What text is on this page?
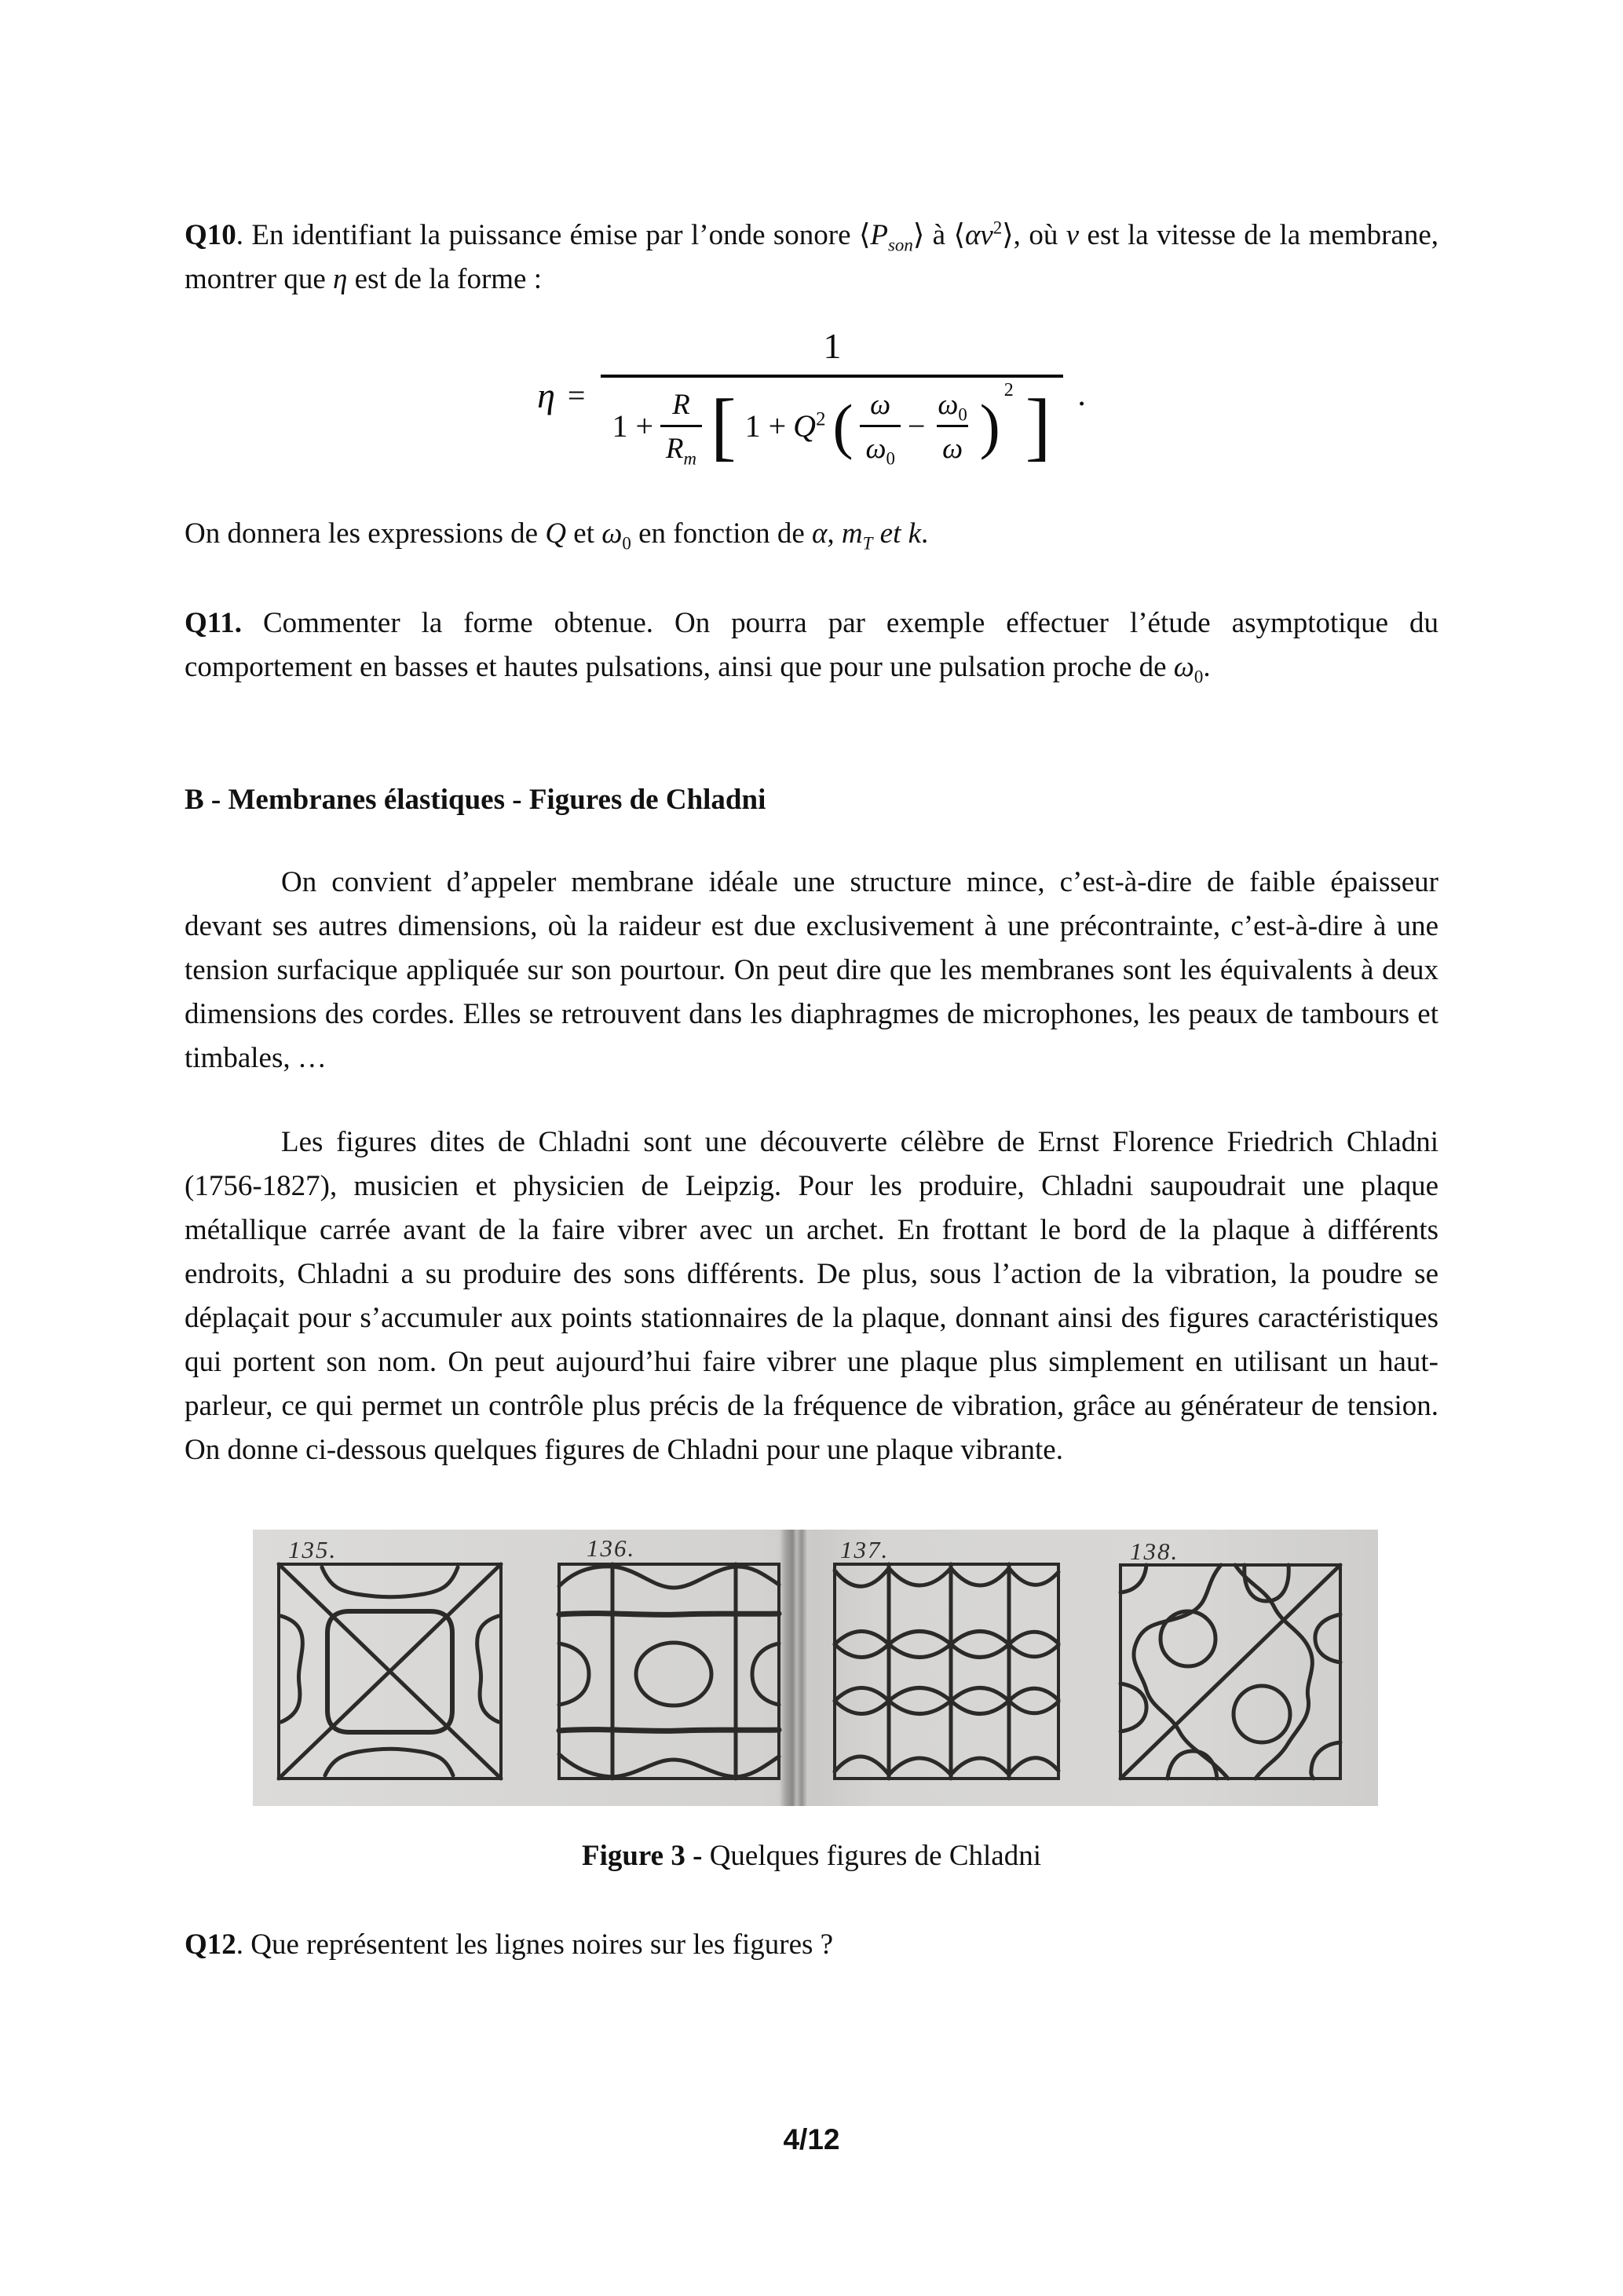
Q10. En identifiant la puissance émise par l’onde sonore $⟨P_{son}⟩$ à $⟨\alpha v^2⟩$, où v est la vitesse de la membrane, montrer que η est de la forme :

η =
1
$1 + \frac{R}{R_m}$ [ $1 + Q^2$ ( $\frac{\omega}{\omega_0} - \frac{\omega_0}{\omega}$ )
2 ] .

On donnera les expressions de Q et $\omega_0$ en fonction de α, $m_T$ et k.

Q11. Commenter la forme obtenue. On pourra par exemple effectuer l’étude asymptotique du comportement en basses et hautes pulsations, ainsi que pour une pulsation proche de $\omega_0$.

B - Membranes élastiques - Figures de Chladni

On convient d’appeler membrane idéale une structure mince, c’est-à-dire de faible épaisseur devant ses autres dimensions, où la raideur est due exclusivement à une précontrainte, c’est-à-dire à une tension surfacique appliquée sur son pourtour. On peut dire que les membranes sont les équivalents à deux dimensions des cordes. Elles se retrouvent dans les diaphragmes de microphones, les peaux de tambours et timbales, …

Les figures dites de Chladni sont une découverte célèbre de Ernst Florence Friedrich Chladni (1756-1827), musicien et physicien de Leipzig. Pour les produire, Chladni saupoudrait une plaque métallique carrée avant de la faire vibrer avec un archet. En frottant le bord de la plaque à différents endroits, Chladni a su produire des sons différents. De plus, sous l’action de la vibration, la poudre se déplaçait pour s’accumuler aux points stationnaires de la plaque, donnant ainsi des figures caractéristiques qui portent son nom. On peut aujourd’hui faire vibrer une plaque plus simplement en utilisant un haut-parleur, ce qui permet un contrôle plus précis de la fréquence de vibration, grâce au générateur de tension. On donne ci-dessous quelques figures de Chladni pour une plaque vibrante.

135.	136.	137.	138.

Figure 3 - Quelques figures de Chladni

Q12. Que représentent les lignes noires sur les figures ?

4/12
